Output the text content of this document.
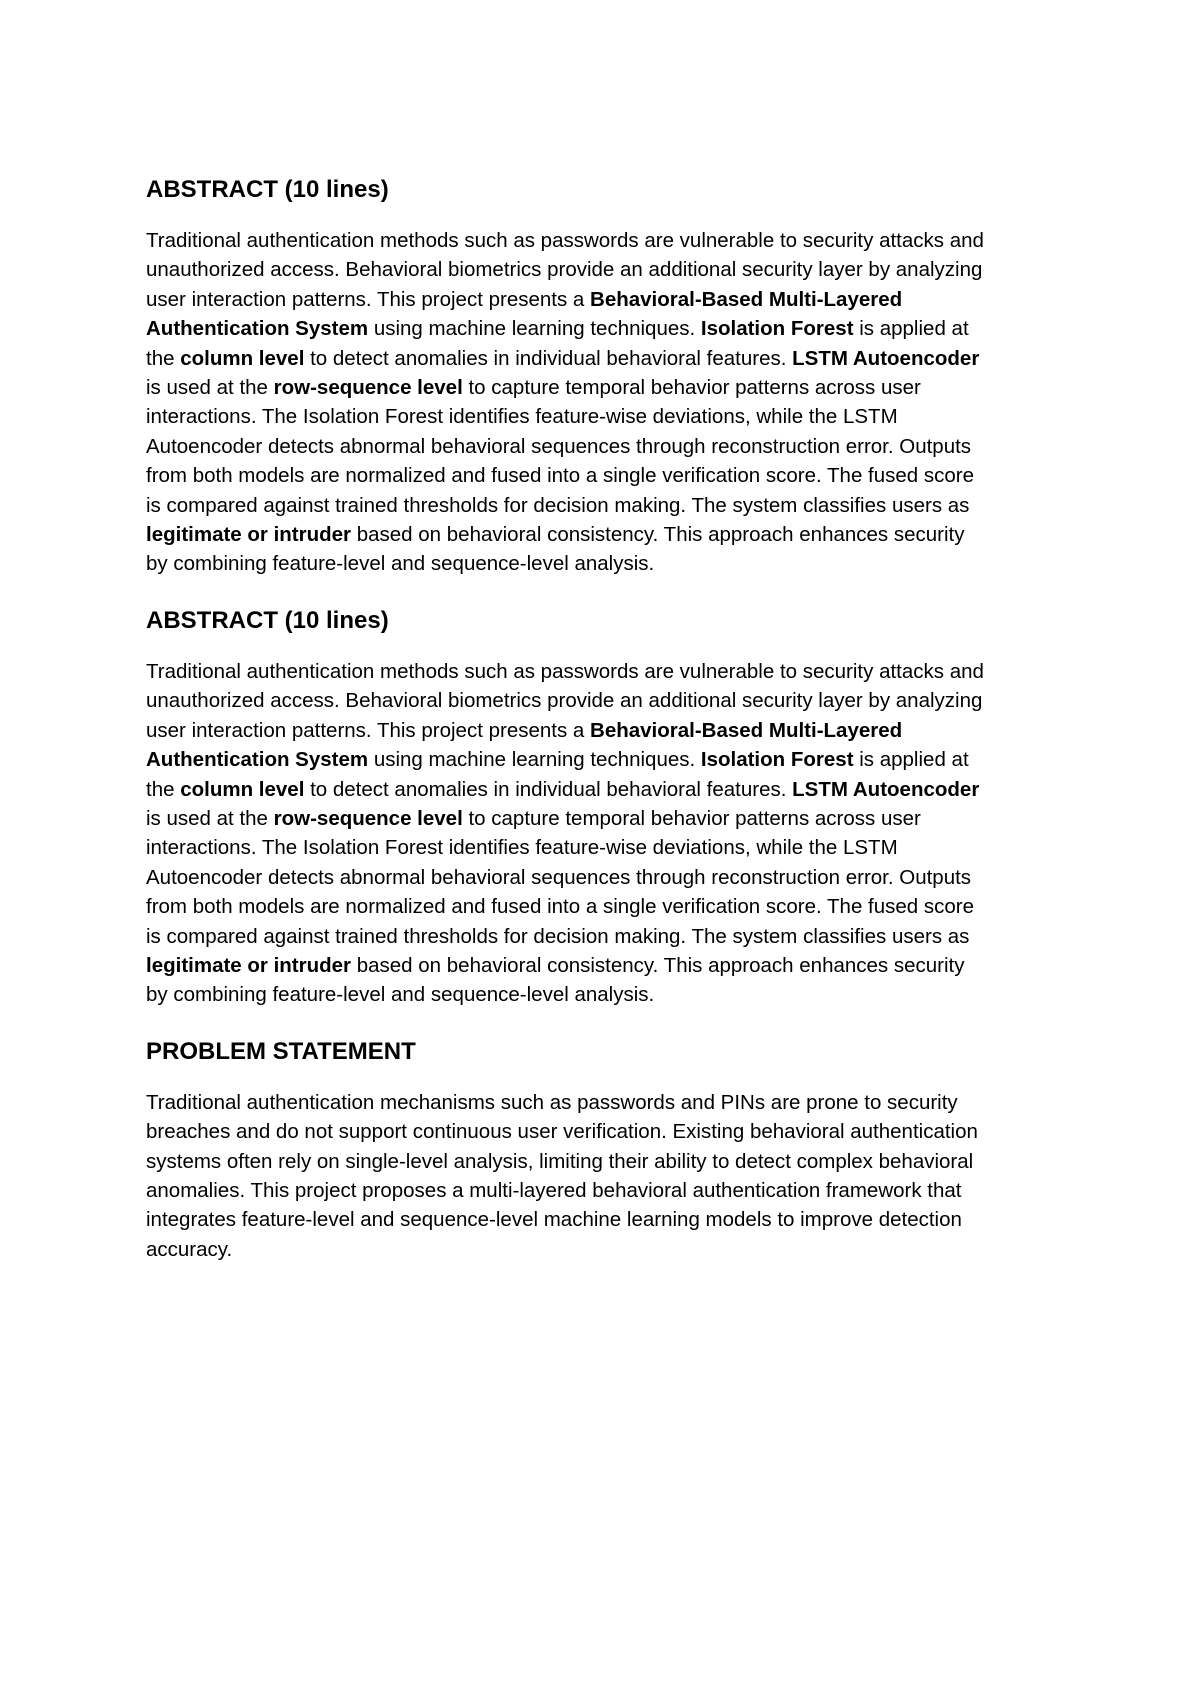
ABSTRACT (10 lines)

Traditional authentication methods such as passwords are vulnerable to security attacks and
unauthorized access. Behavioral biometrics provide an additional security layer by analyzing
user interaction patterns. This project presents a Behavioral-Based Multi-Layered
Authentication System using machine learning techniques. Isolation Forest is applied at
the column level to detect anomalies in individual behavioral features. LSTM Autoencoder
is used at the row-sequence level to capture temporal behavior patterns across user
interactions. The Isolation Forest identifies feature-wise deviations, while the LSTM
Autoencoder detects abnormal behavioral sequences through reconstruction error. Outputs
from both models are normalized and fused into a single verification score. The fused score
is compared against trained thresholds for decision making. The system classifies users as
legitimate or intruder based on behavioral consistency. This approach enhances security
by combining feature-level and sequence-level analysis.

ABSTRACT (10 lines)

Traditional authentication methods such as passwords are vulnerable to security attacks and
unauthorized access. Behavioral biometrics provide an additional security layer by analyzing
user interaction patterns. This project presents a Behavioral-Based Multi-Layered
Authentication System using machine learning techniques. Isolation Forest is applied at
the column level to detect anomalies in individual behavioral features. LSTM Autoencoder
is used at the row-sequence level to capture temporal behavior patterns across user
interactions. The Isolation Forest identifies feature-wise deviations, while the LSTM
Autoencoder detects abnormal behavioral sequences through reconstruction error. Outputs
from both models are normalized and fused into a single verification score. The fused score
is compared against trained thresholds for decision making. The system classifies users as
legitimate or intruder based on behavioral consistency. This approach enhances security
by combining feature-level and sequence-level analysis.

PROBLEM STATEMENT

Traditional authentication mechanisms such as passwords and PINs are prone to security
breaches and do not support continuous user verification. Existing behavioral authentication
systems often rely on single-level analysis, limiting their ability to detect complex behavioral
anomalies. This project proposes a multi-layered behavioral authentication framework that
integrates feature-level and sequence-level machine learning models to improve detection
accuracy.
